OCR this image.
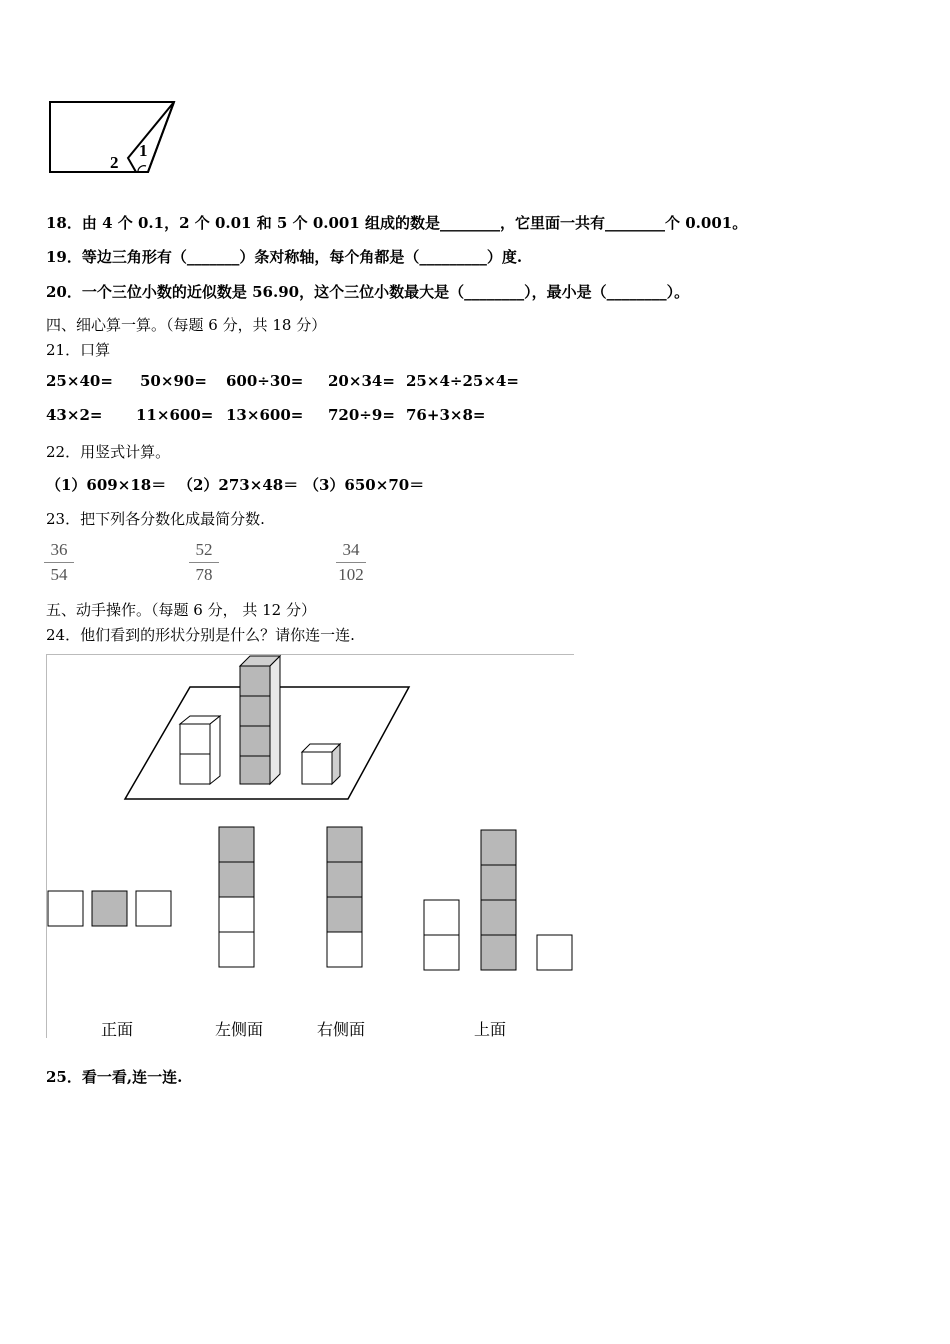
1
2
18．由 4 个 0.1，2 个 0.01 和 5 个 0.001 组成的数是________，它里面一共有________个 0.001。
19．等边三角形有（_______）条对称轴，每个角都是（_________）度.
20．一个三位小数的近似数是 56.90，这个三位小数最大是（________），最小是（________）。
四、细心算一算。（每题 6 分，共 18 分）
21．口算
25×40= 50×90= 600÷30= 20×34= 25×4÷25×4=
43×2= 11×600= 13×600= 720÷9= 76+3×8=
22．用竖式计算。
（1）609×18＝ （2）273×48＝ （3）650×70＝
23．把下列各分数化成最简分数.
$\frac{36}{54}$	$\frac{52}{78}$	$\frac{34}{102}$
五、动手操作。（每题 6 分， 共 12 分）
24．他们看到的形状分别是什么？请你连一连.
正面	左侧面	右侧面	上面
25．看一看,连一连.
